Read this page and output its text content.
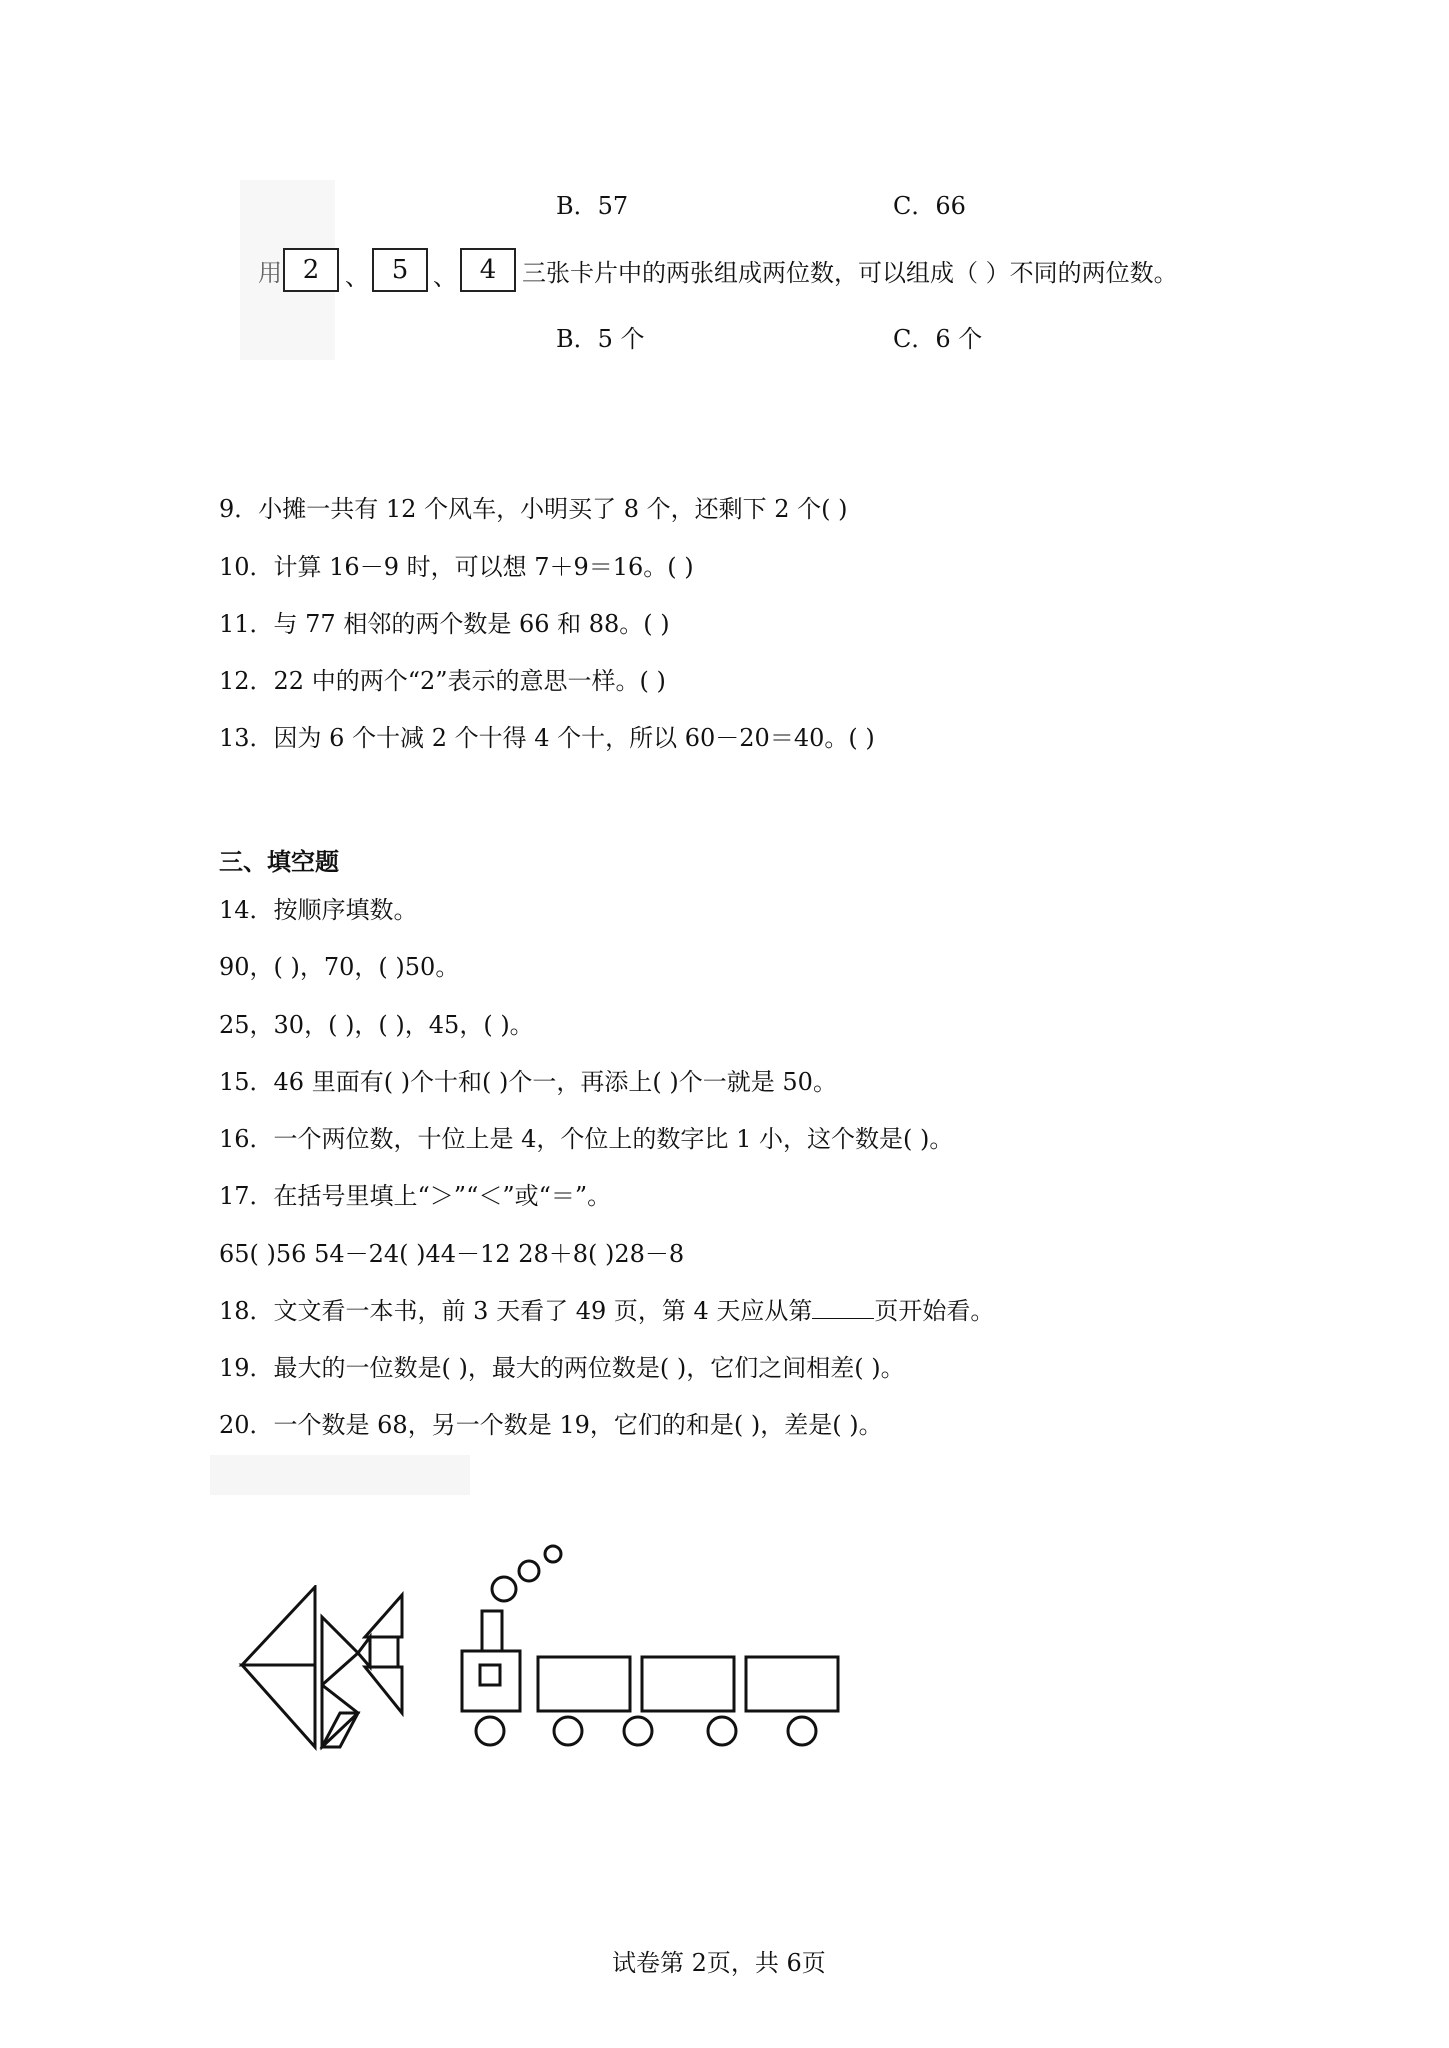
B．57	C．66
用 2	、 5	、 4	三张卡片中的两张组成两位数，可以组成（ ）不同的两位数。
B．5 个	C．6 个
9．小摊一共有 12 个风车，小明买了 8 个，还剩下 2 个( )
10．计算 16－9 时，可以想 7＋9＝16。( )
11．与 77 相邻的两个数是 66 和 88。( )
12．22 中的两个“2”表示的意思一样。( )
13．因为 6 个十减 2 个十得 4 个十，所以 60－20＝40。( )
三、填空题
14．按顺序填数。
90，( )，70，( )50。
25，30，( )，( )，45，( )。
15．46 里面有( )个十和( )个一，再添上( )个一就是 50。
16．一个两位数，十位上是 4，个位上的数字比 1 小，这个数是( )。
17．在括号里填上“＞”“＜”或“＝”。
65( )56 54－24( )44－12 28＋8( )28－8
18．文文看一本书，前 3 天看了 49 页，第 4 天应从第	页开始看。
19．最大的一位数是( )，最大的两位数是( )，它们之间相差( )。
20．一个数是 68，另一个数是 19，它们的和是( )，差是( )。
试卷第 2页，共 6页
